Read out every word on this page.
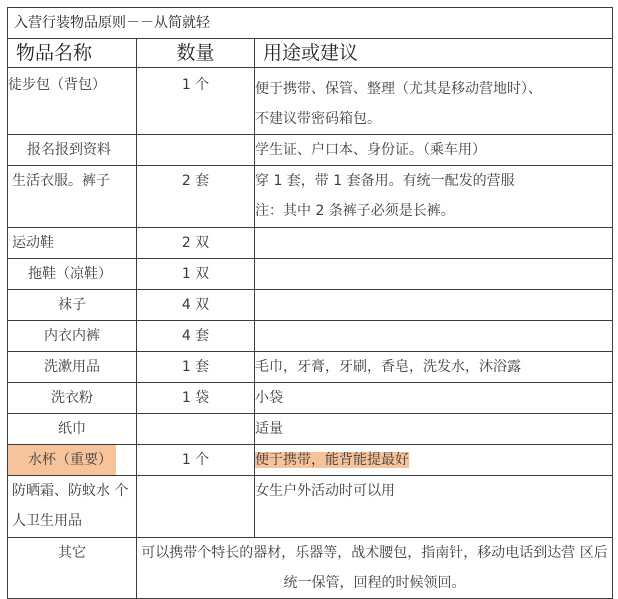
入营行装物品原则－－从简就轻		
物品名称	数量	用途或建议
徒步包（背包）	1 个	便于携带、保管、整理（尤其是移动营地时）、
不建议带密码箱包。

报名报到资料		学生证、户口本、身份证。（乘车用）

生活衣服。裤子	2 套	穿 1 套，带 1 套备用。有统一配发的营服
注：其中 2 条裤子必须是长裤。

运动鞋	2 双	
拖鞋（凉鞋）	1 双	
袜子	4 双	
内衣内裤	4 套	
洗漱用品	1 套	毛巾，牙膏，牙刷，香皂，洗发水，沐浴露

洗衣粉	1 袋	小袋

纸巾		适量

水杯（重要）	1 个	便于携带，能背能提最好
防晒霜、防蚊水 个人卫生用品		女生户外活动时可以用

其它	可以携带个特长的器材，乐器等，战术腰包，指南针，移动电话到达营 区后统一保管，回程的时候领回。	
